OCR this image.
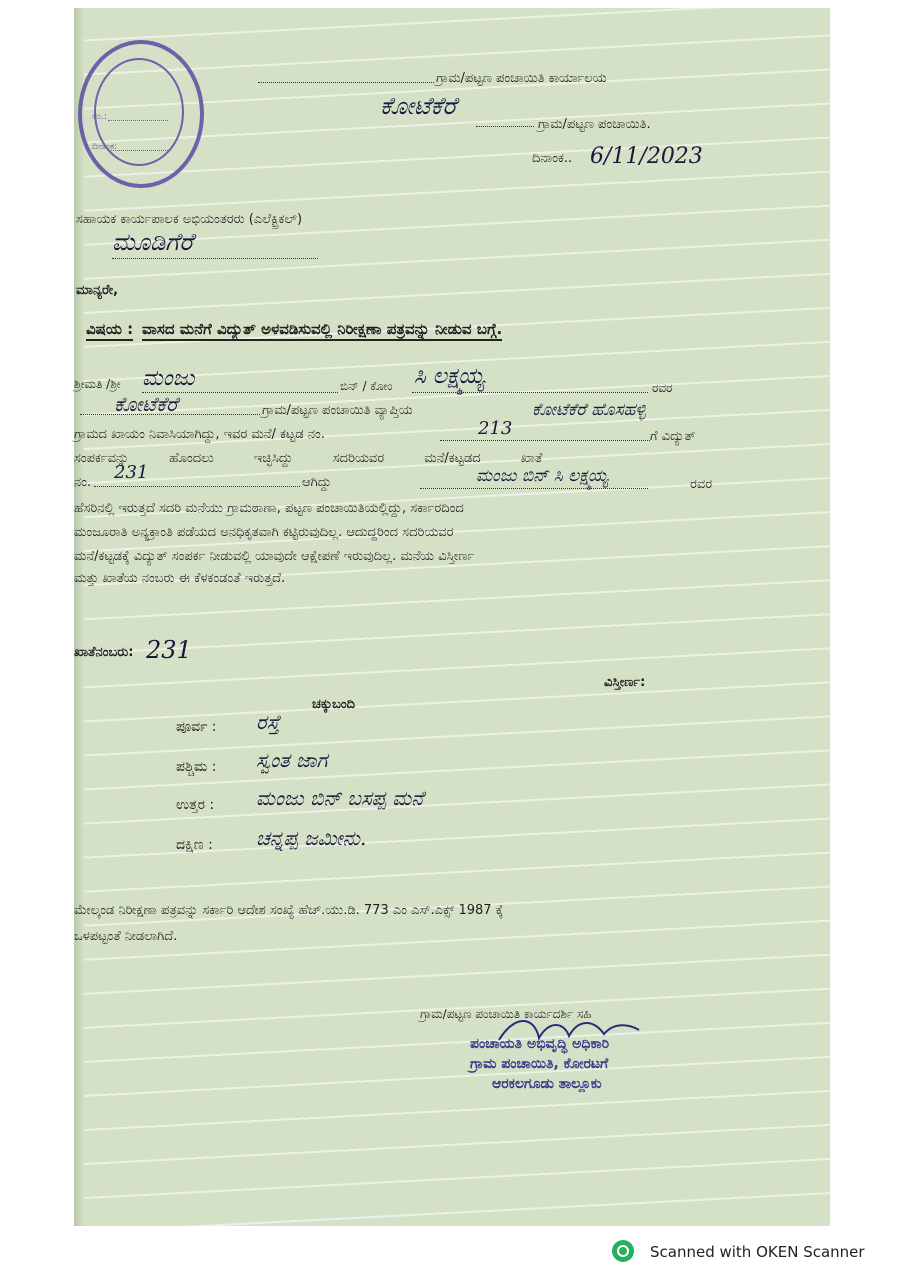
ನಂ.:
ದಿನಾಂಕ:
ಗ್ರಾಮ/ಪಟ್ಟಣ ಪಂಚಾಯಿತಿ ಕಾರ್ಯಾಲಯ
ಕೋಟೆಕೆರೆ
ಗ್ರಾಮ/ಪಟ್ಟಣ ಪಂಚಾಯಿತಿ.
ದಿನಾಂಕ.. 6/11/2023
ಸಹಾಯಕ ಕಾರ್ಯಪಾಲಕ ಅಭಿಯಂತರರು (ಎಲೆಕ್ಟ್ರಿಕಲ್)
ಮೂಡಿಗೆರೆ
ಮಾನ್ಯರೇ,
ವಿಷಯ : ವಾಸದ ಮನೆಗೆ ವಿದ್ಯುತ್ ಅಳವಡಿಸುವಲ್ಲಿ ನಿರೀಕ್ಷಣಾ ಪತ್ರವನ್ನು ನೀಡುವ ಬಗ್ಗೆ.
ಶ್ರೀಮತಿ /ಶ್ರೀ ಮಂಜು	ಬಿನ್ / ಕೋಂ ಸಿ ಲಕ್ಷ್ಮಯ್ಯ	ರವರ
ಕೋಟೆಕೆರೆ	ಗ್ರಾಮ/ಪಟ್ಟಣ ಪಂಚಾಯಿತಿ ವ್ಯಾಪ್ತಿಯ	ಕೋಟೆಕೆರೆ ಹೊಸಹಳ್ಳಿ
ಗ್ರಾಮದ ಖಾಯಂ ನಿವಾಸಿಯಾಗಿದ್ದು, ಇವರ ಮನೆ/ ಕಟ್ಟಡ ನಂ.	213	ಗೆ ವಿದ್ಯುತ್
ಸಂಪರ್ಕವನ್ನು ಹೊಂದಲು ಇಚ್ಛಿಸಿದ್ದು ಸದರಿಯವರ ಮನೆ/ಕಟ್ಟಡದ ಖಾತೆ
ನಂ. 231	ಆಗಿದ್ದು	ಮಂಜು ಬಿನ್ ಸಿ ಲಕ್ಷ್ಮಯ್ಯ	ರವರ
ಹೆಸರಿನಲ್ಲಿ ಇರುತ್ತದೆ ಸದರಿ ಮನೆಯು ಗ್ರಾಮಠಾಣಾ, ಪಟ್ಟಣ ಪಂಚಾಯಿತಿಯಲ್ಲಿದ್ದು, ಸರ್ಕಾರದಿಂದ
ಮಂಜೂರಾತಿ ಅನ್ಯಕ್ರಾಂತಿ ಪಡೆಯದ ಅನಧಿಕೃತವಾಗಿ ಕಟ್ಟಿರುವುದಿಲ್ಲ. ಆದುದ್ದರಿಂದ ಸದರಿಯವರ
ಮನೆ/ಕಟ್ಟಡಕ್ಕೆ ವಿದ್ಯುತ್ ಸಂಪರ್ಕ ನೀಡುವಲ್ಲಿ ಯಾವುದೇ ಆಕ್ಷೇಪಣೆ ಇರುವುದಿಲ್ಲ. ಮನೆಯ ವಿಸ್ತೀರ್ಣ
ಮತ್ತು ಖಾತೆಯ ನಂಬರು ಈ ಕೆಳಕಂಡಂತೆ ಇರುತ್ತದೆ.
ಖಾತೆನಂಬರು: 231
ವಿಸ್ತೀರ್ಣ:
ಚಕ್ಕುಬಂದಿ
ಪೂರ್ವ : ರಸ್ತೆ
ಪಶ್ಚಿಮ : ಸ್ವಂತ ಜಾಗ
ಉತ್ತರ : ಮಂಜು ಬಿನ್ ಬಸಪ್ಪ ಮನೆ
ದಕ್ಷಿಣ : ಚನ್ನಪ್ಪ ಜಮೀನು.
ಮೇಲ್ಕಂಡ ನಿರೀಕ್ಷಣಾ ಪತ್ರವನ್ನು ಸರ್ಕಾರಿ ಆದೇಶ ಸಂಖ್ಯೆ ಹೆಚ್.ಯು.ಡಿ. 773 ಎಂ ಎಸ್.ಎಕ್ಸ್ 1987 ಕ್ಕೆ
ಒಳಪಟ್ಟಂತೆ ನೀಡಲಾಗಿದೆ.
ಗ್ರಾಮ/ಪಟ್ಟಣ ಪಂಚಾಯಿತಿ ಕಾರ್ಯದರ್ಶಿ ಸಹಿ
ಪಂಚಾಯತಿ ಅಭಿವೃದ್ಧಿ ಅಧಿಕಾರಿ
ಗ್ರಾಮ ಪಂಚಾಯಿತಿ, ಕೋರಟಗೆ
ಆರಕಲಗೂಡು ತಾಲ್ಲೂಕು
Scanned with OKEN Scanner
